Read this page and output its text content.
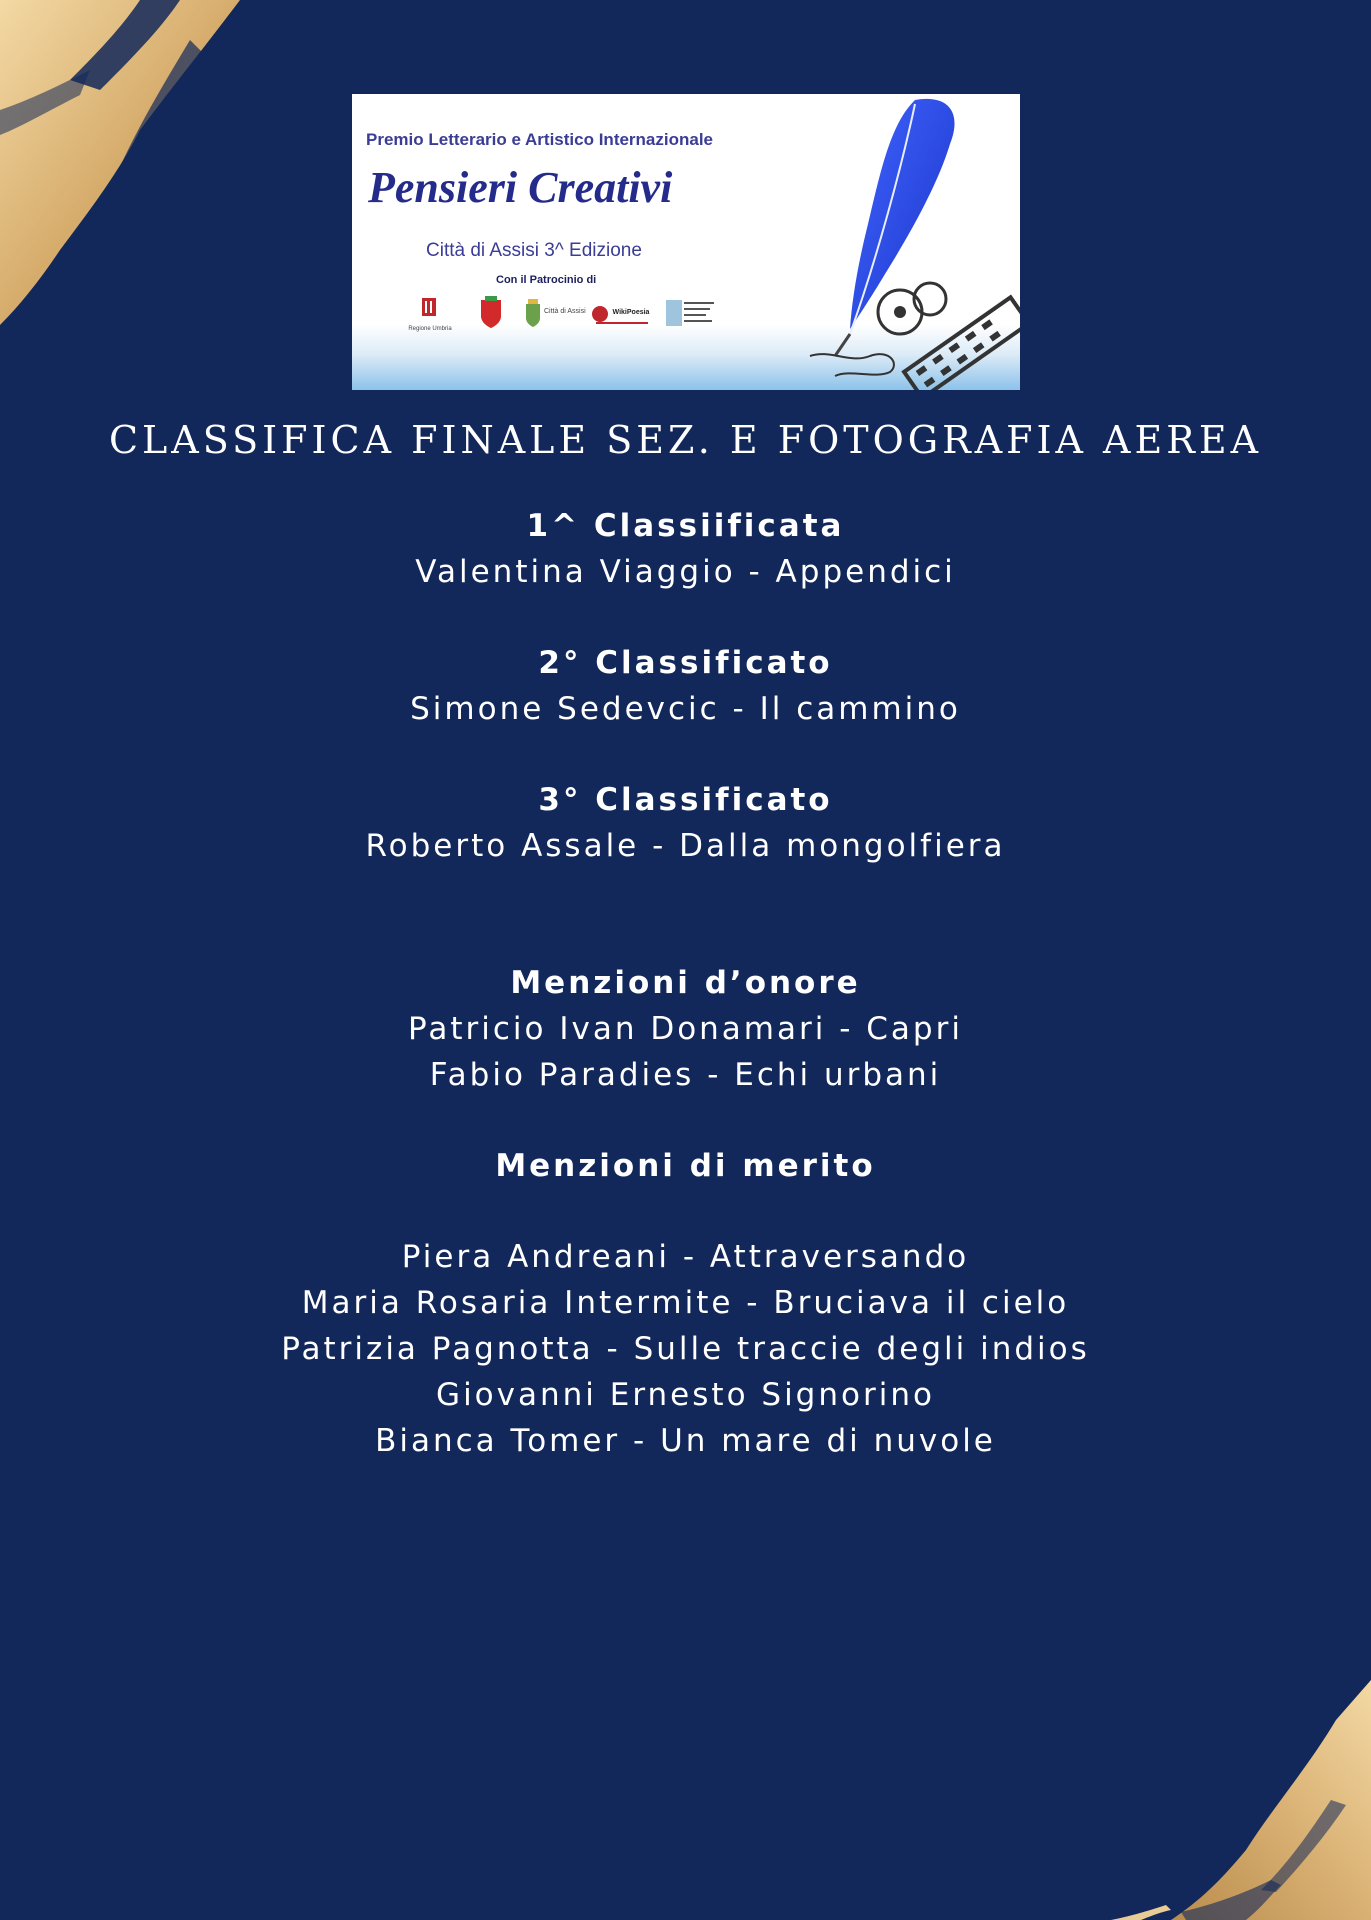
Premio Letterario e Artistico Internazionale
Pensieri Creativi
Città di Assisi 3^ Edizione
Con il Patrocinio di
Regione Umbria
Città di Assisi	WikiPoesia
CLASSIFICA FINALE SEZ. E FOTOGRAFIA AEREA
1^ Classiificata
Valentina Viaggio - Appendici
2° Classificato
Simone Sedevcic - Il cammino
3° Classificato
Roberto Assale - Dalla mongolfiera
Menzioni d’onore
Patricio Ivan Donamari - Capri
Fabio Paradies - Echi urbani
Menzioni di merito
Piera Andreani - Attraversando
Maria Rosaria Intermite - Bruciava il cielo
Patrizia Pagnotta - Sulle traccie degli indios
Giovanni Ernesto Signorino
Bianca Tomer - Un mare di nuvole
